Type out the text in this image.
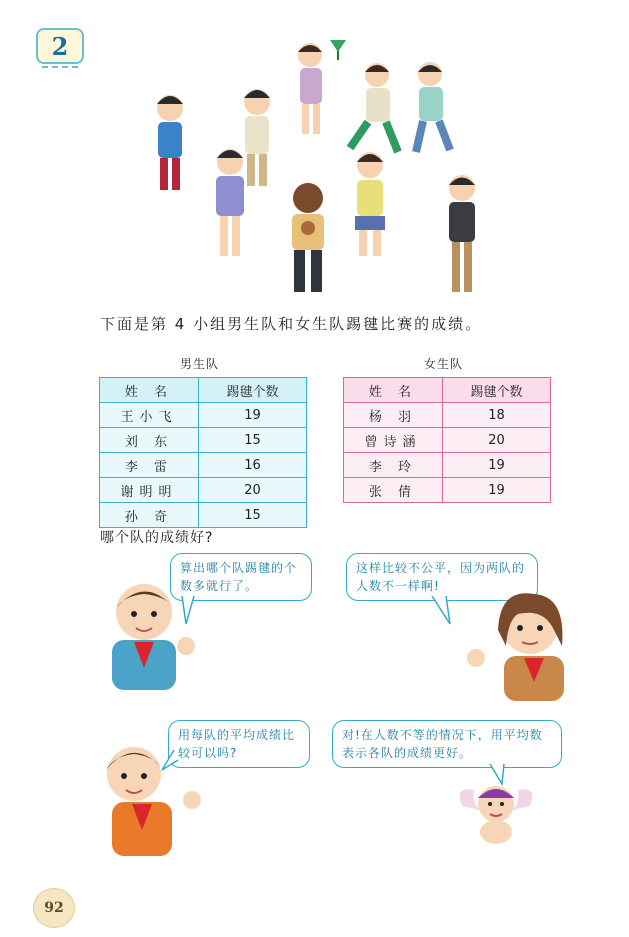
2
下面是第 4 小组男生队和女生队踢毽比赛的成绩。
男生队	女生队
姓 名	踢毽个数
王小飞	19
刘 东	15
李 雷	16
谢明明	20
孙 奇	15
姓 名	踢毽个数
杨 羽	18
曾诗涵	20
李 玲	19
张 倩	19
哪个队的成绩好?
算出哪个队踢毽的个数多就行了。
这样比较不公平，因为两队的人数不一样啊!
用每队的平均成绩比较可以吗?
对!在人数不等的情况下，用平均数表示各队的成绩更好。
92
